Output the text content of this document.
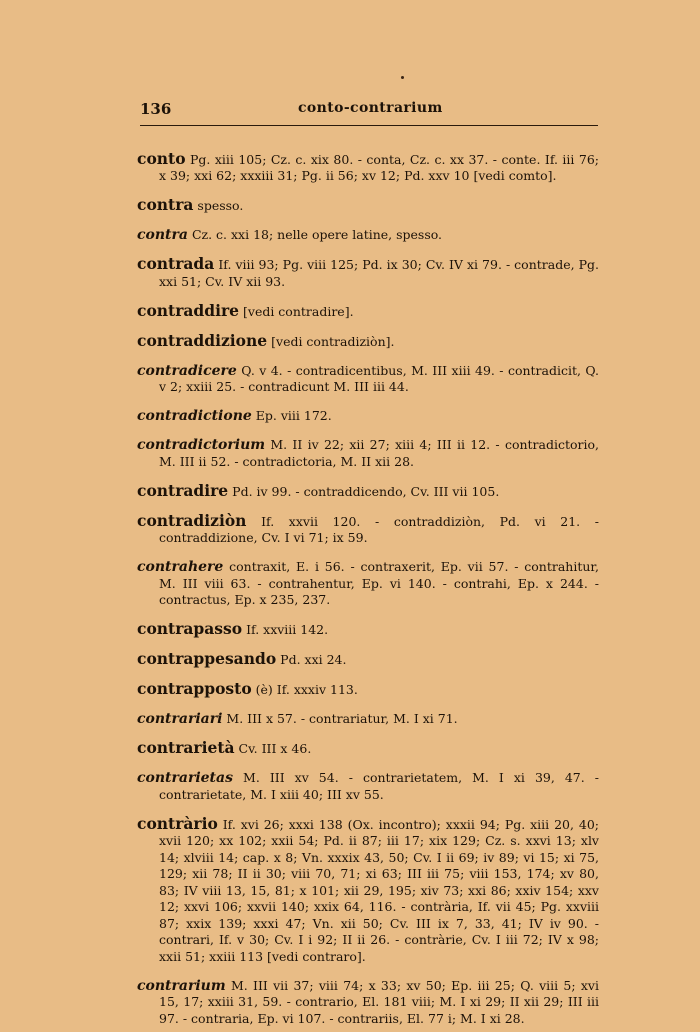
136	conto-contrarium

conto Pg. xiii 105; Cz. c. xix 80. - conta, Cz. c. xx 37. - conte. If. iii 76; x 39; xxi 62; xxxiii 31; Pg. ii 56; xv 12; Pd. xxv 10 [vedi comto].

contra spesso.

contra Cz. c. xxi 18; nelle opere latine, spesso.

contrada If. viii 93; Pg. viii 125; Pd. ix 30; Cv. IV xi 79. - contrade, Pg. xxi 51; Cv. IV xii 93.

contraddire [vedi contradire].

contraddizione [vedi contradiziòn].

contradicere Q. v 4. - contradicentibus, M. III xiii 49. - contradicit, Q. v 2; xxiii 25. - contradicunt M. III iii 44.

contradictione Ep. viii 172.

contradictorium M. II iv 22; xii 27; xiii 4; III ii 12. - contradictorio, M. III ii 52. - contradictoria, M. II xii 28.

contradire Pd. iv 99. - contraddicendo, Cv. III vii 105.

contradiziòn If. xxvii 120. - contraddiziòn, Pd. vi 21. - contraddizione, Cv. I vi 71; ix 59.

contrahere contraxit, E. i 56. - contraxerit, Ep. vii 57. - contrahitur, M. III viii 63. - contrahentur, Ep. vi 140. - contrahi, Ep. x 244. - contractus, Ep. x 235, 237.

contrapasso If. xxviii 142.

contrappesando Pd. xxi 24.

contrapposto (è) If. xxxiv 113.

contrariari M. III x 57. - contrariatur, M. I xi 71.

contrarietà Cv. III x 46.

contrarietas M. III xv 54. - contrarietatem, M. I xi 39, 47. - contrarietate, M. I xiii 40; III xv 55.

contràrio If. xvi 26; xxxi 138 (Ox. incontro); xxxii 94; Pg. xiii 20, 40; xvii 120; xx 102; xxii 54; Pd. ii 87; iii 17; xix 129; Cz. s. xxvi 13; xlv 14; xlviii 14; cap. x 8; Vn. xxxix 43, 50; Cv. I ii 69; iv 89; vi 15; xi 75, 129; xii 78; II ii 30; viii 70, 71; xi 63; III iii 75; viii 153, 174; xv 80, 83; IV viii 13, 15, 81; x 101; xii 29, 195; xiv 73; xxi 86; xxiv 154; xxv 12; xxvi 106; xxvii 140; xxix 64, 116. - contrària, If. vii 45; Pg. xxviii 87; xxix 139; xxxi 47; Vn. xii 50; Cv. III ix 7, 33, 41; IV iv 90. - contrari, If. v 30; Cv. I i 92; II ii 26. - contràrie, Cv. I iii 72; IV x 98; xxii 51; xxiii 113 [vedi contraro].

contrarium M. III vii 37; viii 74; x 33; xv 50; Ep. iii 25; Q. viii 5; xvi 15, 17; xxiii 31, 59. - contrario, El. 181 viii; M. I xi 29; II xii 29; III iii 97. - contraria, Ep. vi 107. - contrariis, El. 77 i; M. I xi 28.
